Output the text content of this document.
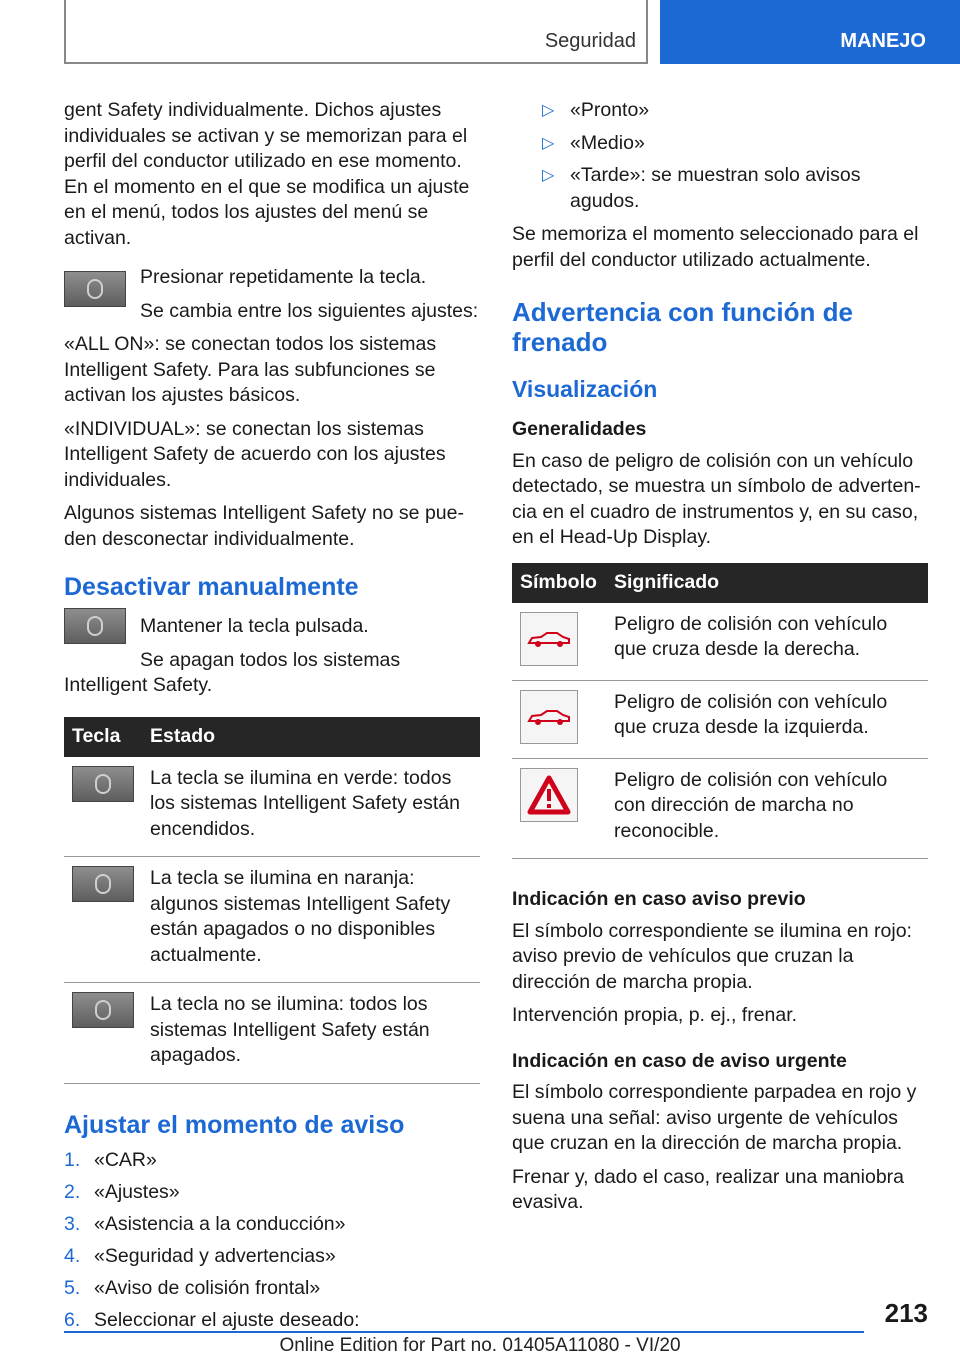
Seguridad	MANEJO

gent Safety individualmente. Dichos ajustes individuales se activan y se memorizan para el perfil del conductor utilizado en ese momento. En el momento en el que se modifica un ajuste en el menú, todos los ajustes del menú se activan.

Presionar repetidamente la tecla.

Se cambia entre los siguientes ajustes:

«ALL ON»: se conectan todos los sistemas Intelligent Safety. Para las subfunciones se activan los ajustes básicos.

«INDIVIDUAL»: se conectan los sistemas Intelligent Safety de acuerdo con los ajustes individuales.

Algunos sistemas Intelligent Safety no se pueden desconectar individualmente.

Desactivar manualmente

Mantener la tecla pulsada.

Se apagan todos los sistemas Intelligent Safety.

Tecla	Estado

	La tecla se ilumina en verde: todos los sistemas Intelligent Safety están encendidos.

	La tecla se ilumina en naranja: algunos sistemas Intelligent Safety están apagados o no disponibles actualmente.

	La tecla no se ilumina: todos los sistemas Intelligent Safety están apagados.
Ajustar el momento de aviso
1. «CAR»
2. «Ajustes»
3. «Asistencia a la conducción»
4. «Seguridad y advertencias»
5. «Aviso de colisión frontal»
6. Seleccionar el ajuste deseado:
▷ «Pronto»
▷ «Medio»
▷ «Tarde»: se muestran solo avisos agudos.

Se memoriza el momento seleccionado para el perfil del conductor utilizado actualmente.

Advertencia con función de frenado
Visualización
Generalidades

En caso de peligro de colisión con un vehículo detectado, se muestra un símbolo de advertencia en el cuadro de instrumentos y, en su caso, en el Head-Up Display.

Símbolo	Significado

	Peligro de colisión con vehículo que cruza desde la derecha.

	Peligro de colisión con vehículo que cruza desde la izquierda.

	Peligro de colisión con vehículo con dirección de marcha no reconocible.
Indicación en caso aviso previo

El símbolo correspondiente se ilumina en rojo: aviso previo de vehículos que cruzan la dirección de marcha propia.

Intervención propia, p. ej., frenar.

Indicación en caso de aviso urgente

El símbolo correspondiente parpadea en rojo y suena una señal: aviso urgente de vehículos que cruzan en la dirección de marcha propia.

Frenar y, dado el caso, realizar una maniobra evasiva.

213
Online Edition for Part no. 01405A11080 - VI/20
